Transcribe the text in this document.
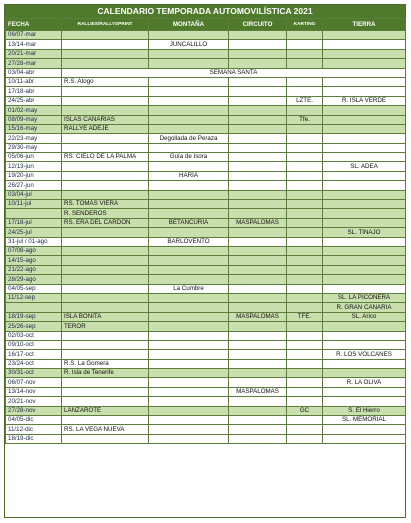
CALENDARIO TEMPORADA AUTOMOVILÍSTICA 2021
FECHA	RALLIES/RALLYSPRINT	MONTAÑA	CIRCUITO	KARTING	TIERRA
06/07-mar					
13/14-mar		JUNCALILLO			
20/21-mar					
27/28-mar					
03/04-abr	SEMANA SANTA				
10/11-abr	R.S. Atogo				
17/18-abr					
24/25-abr				LZTE.	R. ISLA VERDE
01/02-may					
08/09-may	ISLAS CANARIAS			Tfe.	
15/16-may	RALLYE ADEJE				
22/23-may		Degollada de Peraza			
29/30-may					
05/06-jun	RS. CIELO DE LA PALMA	Guía de Isora			
12/13-jun					SL. ADEA
19/20-jun		HARÍA			
26/27-jun					
03/04-jul					
10/11-jul	RS. TOMÁS VIERA				
	R. SENDEROS				
17/18-jul	RS. ERA DEL CARDÓN	BETANCURIA	MASPALOMAS		
24/25-jul					SL. TINAJO
31-jul / 01-ago		BARLOVENTO			
07/08-ago					
14/15-ago					
21/22-ago					
28/29-ago					
04/05-sep		La Cumbre			
11/12-sep					SL. LA PICONERA
					R. GRAN CANARIA
18/19-sep	ISLA BONITA		MASPALOMAS	TFE.	SL. Arico
25/26-sep	TEROR				
02/03-oct					
09/10-oct					
16/17-oct					R. LOS VOLCANES
23/24-oct	R.S. La Gomera				
30/31-oct	R. Isla de Tenerife				
06/07-nov					R. LA OLIVA
13/14-nov			MASPALOMAS		
20/21-nov					
27/28-nov	LANZAROTE			GC	S. El Hierro
04/05-dic					SL. MEMORIAL
11/12-dic	RS. LA VEGA NUEVA				
18/19-dic					
